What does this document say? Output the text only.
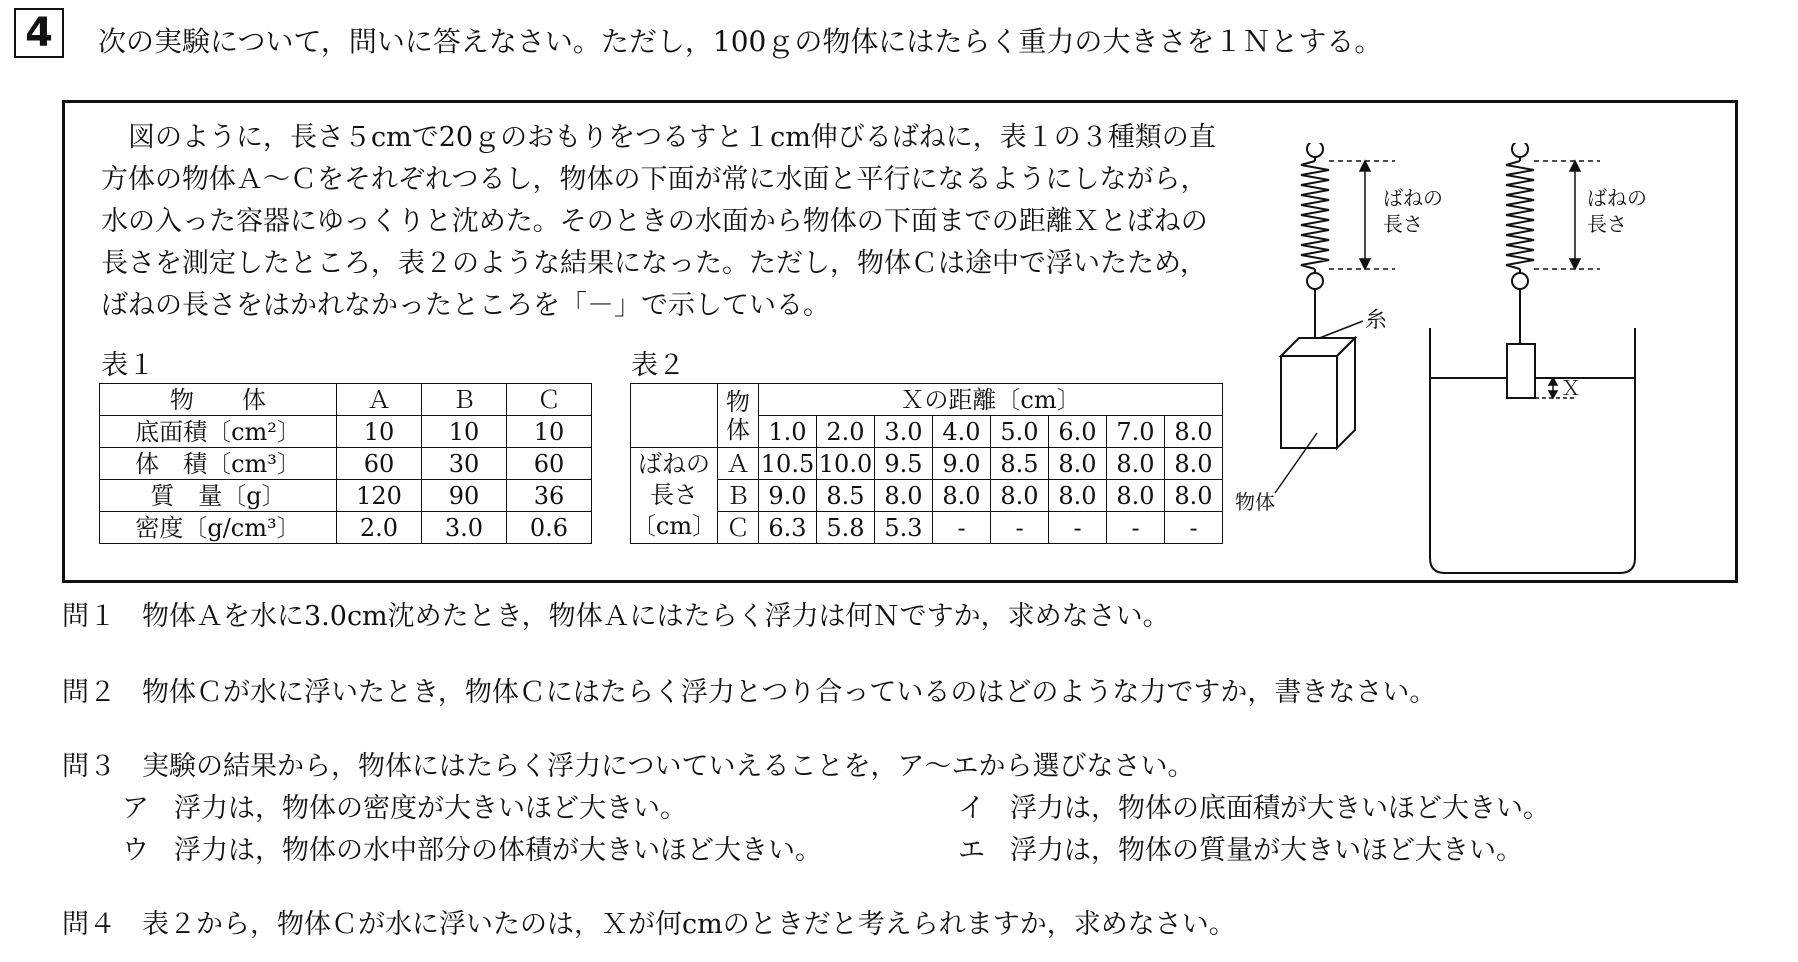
4	次の実験について，問いに答えなさい。ただし，100ｇの物体にはたらく重力の大きさを１Ｎとする。

図のように，長さ５cmで20ｇのおもりをつるすと１cm伸びるばねに，表１の３種類の直

方体の物体Ａ～Ｃをそれぞれつるし，物体の下面が常に水面と平行になるようにしながら，

水の入った容器にゆっくりと沈めた。そのときの水面から物体の下面までの距離Ｘとばねの

長さを測定したところ，表２のような結果になった。ただし，物体Ｃは途中で浮いたため，

ばねの長さをはかれなかったところを「－」で示している。

表１
物　　体	Ａ	Ｂ	Ｃ
底面積〔cm²〕	10	10	10
体　積〔cm³〕	60	30	60
質　量〔g〕	120	90	36
密度〔g/cm³〕	2.0	3.0	0.6
表２
	物体	Ｘの距離〔cm〕							
		1.0	2.0	3.0	4.0	5.0	6.0	7.0	8.0

ばねの
長さ
〔cm〕	Ａ	10.5	10.0	9.5	9.0	8.5	8.0	8.0	8.0
	Ｂ	9.0	8.5	8.0	8.0	8.0	8.0	8.0	8.0
	Ｃ	6.3	5.8	5.3	-	-	-	-	-
ばねの
長さ
糸
物体
ばねの
長さ
Ｘ
問１ 物体Ａを水に3.0cm沈めたとき，物体Ａにはたらく浮力は何Ｎですか，求めなさい。
問２ 物体Ｃが水に浮いたとき，物体Ｃにはたらく浮力とつり合っているのはどのような力ですか，書きなさい。
問３ 実験の結果から，物体にはたらく浮力についていえることを，ア～エから選びなさい。
ア 浮力は，物体の密度が大きいほど大きい。	イ 浮力は，物体の底面積が大きいほど大きい。
ウ 浮力は，物体の水中部分の体積が大きいほど大きい。	エ 浮力は，物体の質量が大きいほど大きい。
問４ 表２から，物体Ｃが水に浮いたのは，Ｘが何cmのときだと考えられますか，求めなさい。
